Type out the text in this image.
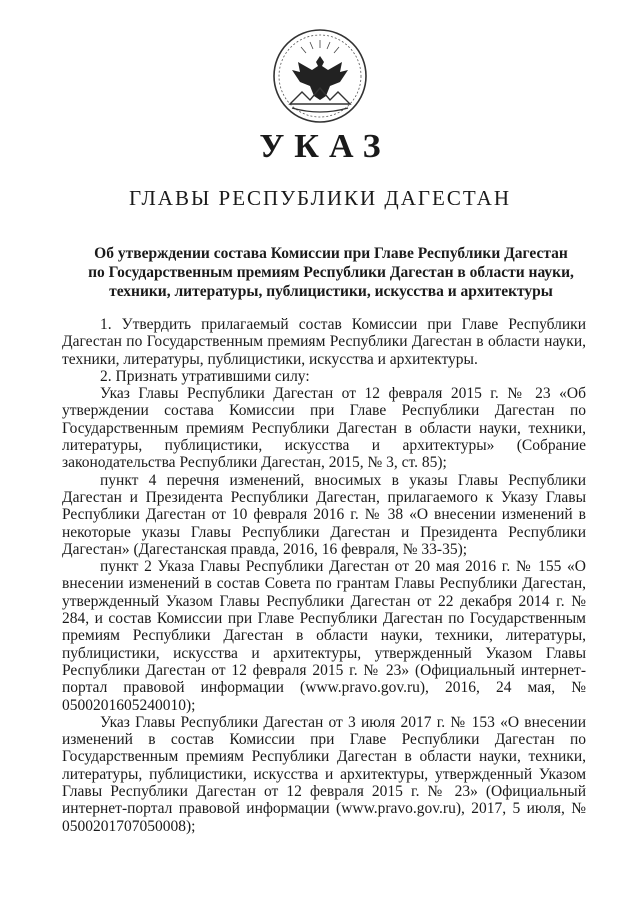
УКАЗ
ГЛАВЫ РЕСПУБЛИКИ ДАГЕСТАН
Об утверждении состава Комиссии при Главе Республики Дагестан по Государственным премиям Республики Дагестан в области науки, техники, литературы, публицистики, искусства и архитектуры

1. Утвердить прилагаемый состав Комиссии при Главе Республики Дагестан по Государственным премиям Республики Дагестан в области науки, техники, литературы, публицистики, искусства и архитектуры.

2. Признать утратившими силу:

Указ Главы Республики Дагестан от 12 февраля 2015 г. № 23 «Об утверждении состава Комиссии при Главе Республики Дагестан по Государственным премиям Республики Дагестан в области науки, техники, литературы, публицистики, искусства и архитектуры» (Собрание законодательства Республики Дагестан, 2015, № 3, ст. 85);

пункт 4 перечня изменений, вносимых в указы Главы Республики Дагестан и Президента Республики Дагестан, прилагаемого к Указу Главы Республики Дагестан от 10 февраля 2016 г. № 38 «О внесении изменений в некоторые указы Главы Республики Дагестан и Президента Республики Дагестан» (Дагестанская правда, 2016, 16 февраля, № 33-35);

пункт 2 Указа Главы Республики Дагестан от 20 мая 2016 г. № 155 «О внесении изменений в состав Совета по грантам Главы Республики Дагестан, утвержденный Указом Главы Республики Дагестан от 22 декабря 2014 г. № 284, и состав Комиссии при Главе Республики Дагестан по Государственным премиям Республики Дагестан в области науки, техники, литературы, публицистики, искусства и архитектуры, утвержденный Указом Главы Республики Дагестан от 12 февраля 2015 г. № 23» (Официальный интернет-портал правовой информации (www.pravo.gov.ru), 2016, 24 мая, № 0500201605240010);

Указ Главы Республики Дагестан от 3 июля 2017 г. № 153 «О внесении изменений в состав Комиссии при Главе Республики Дагестан по Государственным премиям Республики Дагестан в области науки, техники, литературы, публицистики, искусства и архитектуры, утвержденный Указом Главы Республики Дагестан от 12 февраля 2015 г. № 23» (Официальный интернет-портал правовой информации (www.pravo.gov.ru), 2017, 5 июля, № 0500201707050008);
